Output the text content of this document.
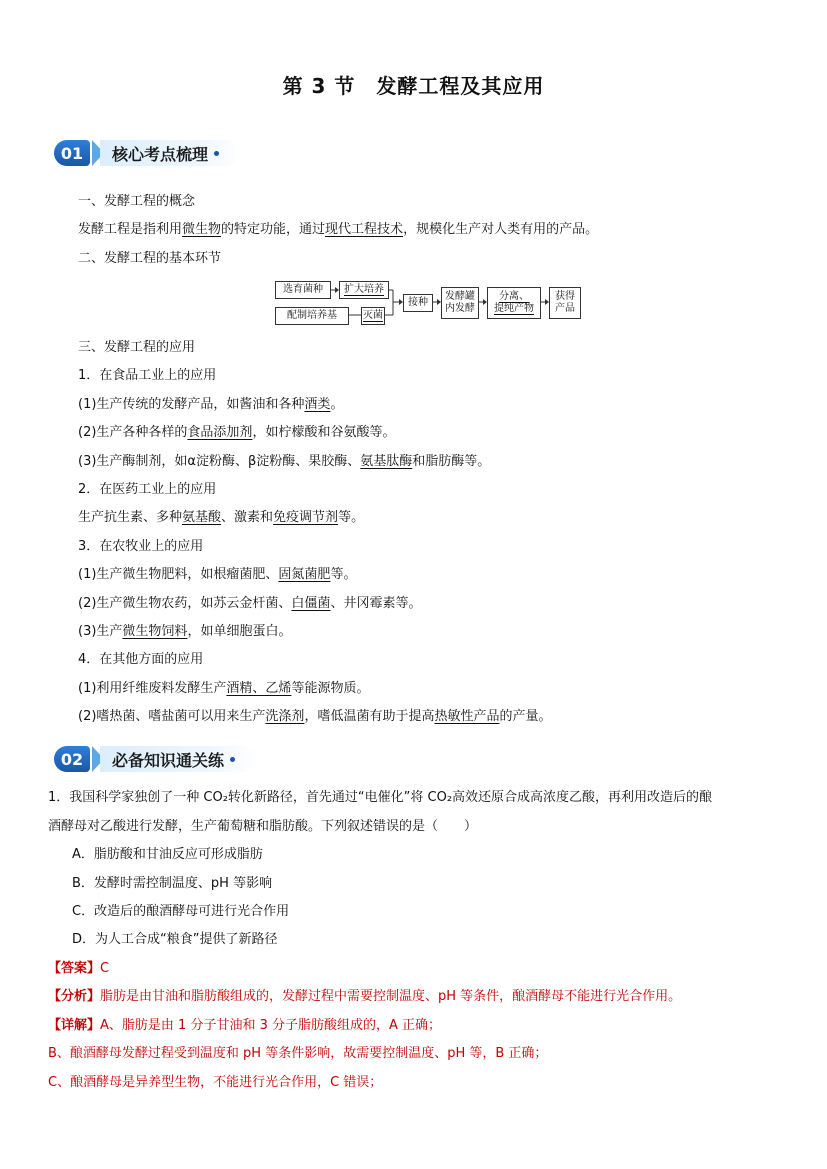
第 3 节　发酵工程及其应用
01	核心考点梳理
一、发酵工程的概念
发酵工程是指利用微生物的特定功能，通过现代工程技术，规模化生产对人类有用的产品。
二、发酵工程的基本环节
选育菌种	扩大培养
配制培养基	灭菌
接种
发酵罐
内发酵
分离、
提纯产物
获得
产品
三、发酵工程的应用
1．在食品工业上的应用
(1)生产传统的发酵产品，如酱油和各种酒类。
(2)生产各种各样的食品添加剂，如柠檬酸和谷氨酸等。
(3)生产酶制剂，如α淀粉酶、β淀粉酶、果胶酶、氨基肽酶和脂肪酶等。
2．在医药工业上的应用
生产抗生素、多种氨基酸、激素和免疫调节剂等。
3．在农牧业上的应用
(1)生产微生物肥料，如根瘤菌肥、固氮菌肥等。
(2)生产微生物农药，如苏云金杆菌、白僵菌、井冈霉素等。
(3)生产微生物饲料，如单细胞蛋白。
4．在其他方面的应用
(1)利用纤维废料发酵生产酒精、乙烯等能源物质。
(2)嗜热菌、嗜盐菌可以用来生产洗涤剂，嗜低温菌有助于提高热敏性产品的产量。
02	必备知识通关练
1．我国科学家独创了一种 CO₂转化新路径，首先通过“电催化”将 CO₂高效还原合成高浓度乙酸，再利用改造后的酿
酒酵母对乙酸进行发酵，生产葡萄糖和脂肪酸。下列叙述错误的是（　　）
A．脂肪酸和甘油反应可形成脂肪
B．发酵时需控制温度、pH 等影响
C．改造后的酿酒酵母可进行光合作用
D．为人工合成“粮食”提供了新路径
【答案】C
【分析】脂肪是由甘油和脂肪酸组成的，发酵过程中需要控制温度、pH 等条件，酿酒酵母不能进行光合作用。
【详解】A、脂肪是由 1 分子甘油和 3 分子脂肪酸组成的，A 正确；
B、酿酒酵母发酵过程受到温度和 pH 等条件影响，故需要控制温度、pH 等，B 正确；
C、酿酒酵母是异养型生物，不能进行光合作用，C 错误；
